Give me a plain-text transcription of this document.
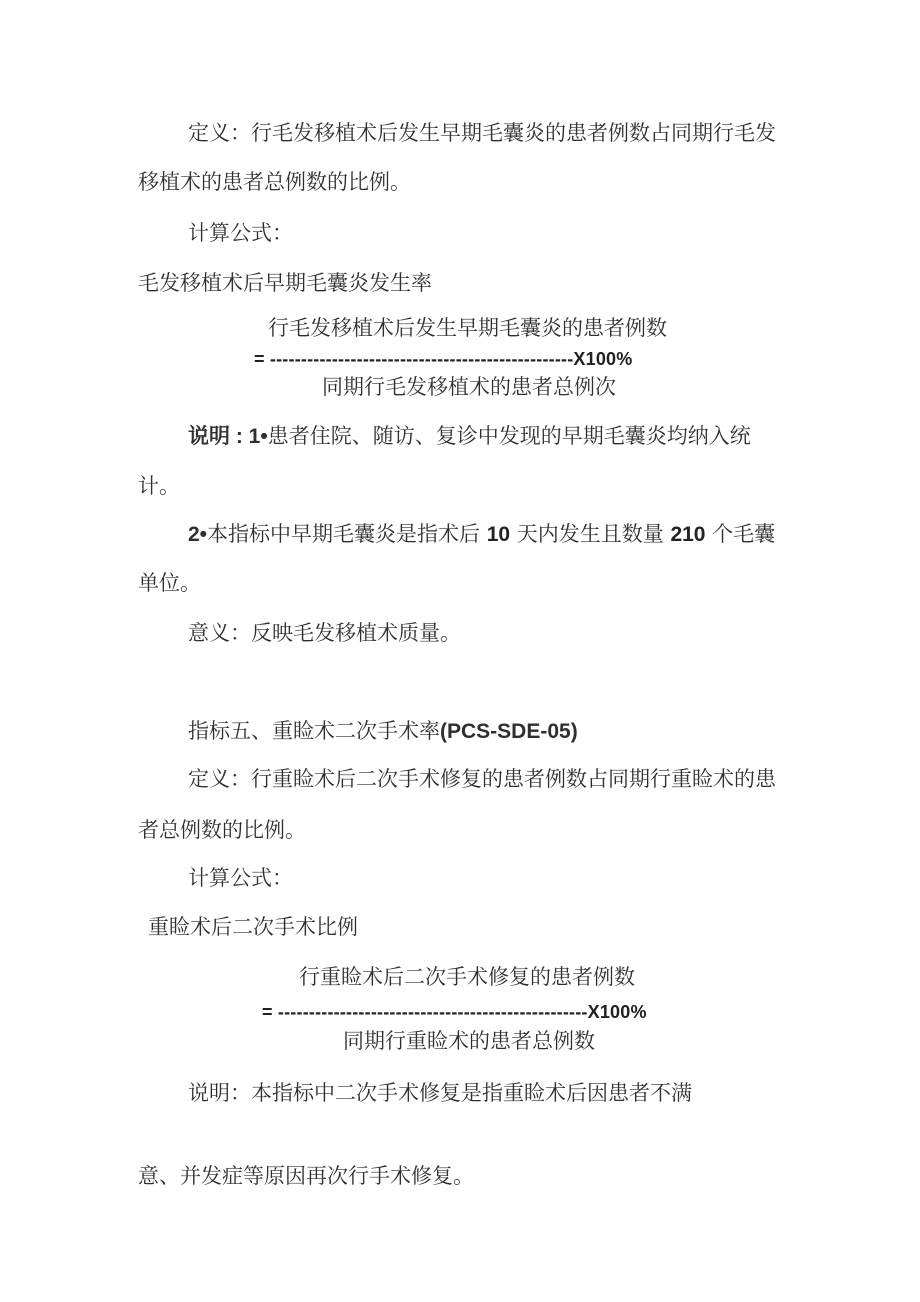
定义：行毛发移植术后发生早期毛囊炎的患者例数占同期行毛发
移植术的患者总例数的比例。
计算公式：
毛发移植术后早期毛囊炎发生率
行毛发移植术后发生早期毛囊炎的患者例数
= -------------------------------------------------X100%
同期行毛发移植术的患者总例次
说明 : 1•患者住院、随访、复诊中发现的早期毛囊炎均纳入统
计。
2•本指标中早期毛囊炎是指术后 10 天内发生且数量 210 个毛囊
单位。
意义：反映毛发移植术质量。
指标五、重睑术二次手术率(PCS-SDE-05)
定义：行重睑术后二次手术修复的患者例数占同期行重睑术的患
者总例数的比例。
计算公式：
重睑术后二次手术比例
行重睑术后二次手术修复的患者例数
= --------------------------------------------------X100%
同期行重睑术的患者总例数
说明：本指标中二次手术修复是指重睑术后因患者不满
意、并发症等原因再次行手术修复。
